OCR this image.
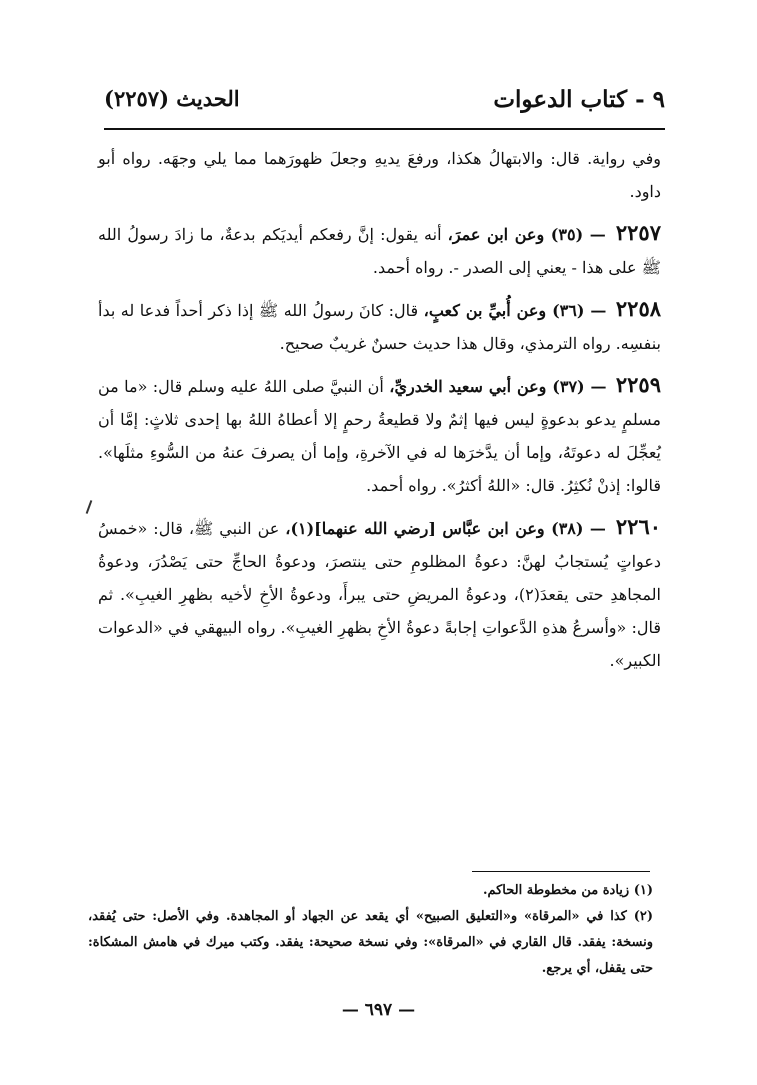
٩ - كتاب الدعوات
الحديث (٢٢٥٧)

وفي رواية. قال: والابتهالُ هكذا، ورفعَ يديهِ وجعلَ ظهورَهما مما يلي وجهَه. رواه أبو داود.

٢٢٥٧ — (٣٥) وعن ابن عمرَ، أنه يقول: إنَّ رفعكم أيديَكم بدعةٌ، ما زادَ رسولُ الله ﷺ على هذا - يعني إلى الصدر -. رواه أحمد.

٢٢٥٨ — (٣٦) وعن أُبيِّ بن كعبٍ، قال: كانَ رسولُ الله ﷺ إذا ذكر أحداً فدعا له بدأ بنفسِه. رواه الترمذي، وقال هذا حديث حسنٌ غريبٌ صحيح.

٢٢٥٩ — (٣٧) وعن أبي سعيد الخدريِّ، أن النبيَّ صلى اللهُ عليه وسلم قال: «ما من مسلمٍ يدعو بدعوةٍ ليس فيها إثمٌ ولا قطيعةُ رحمٍ إلا أعطاهُ اللهُ بها إحدى ثلاثٍ: إمَّا أن يُعجِّلَ له دعوتَهُ، وإما أن يدَّخرَها له في الآخرةِ، وإما أن يصرفَ عنهُ من السُّوءِ مثلَها». قالوا: إذنْ نُكثِرُ. قال: «اللهُ أكثرُ». رواه أحمد.

٢٢٦٠ — (٣٨) وعن ابن عبَّاس [رضي الله عنهما](١)، عن النبي ﷺ، قال: «خمسُ دعواتٍ يُستجابُ لهنَّ: دعوةُ المظلومِ حتى ينتصرَ، ودعوةُ الحاجِّ حتى يَصْدُرَ، ودعوةُ المجاهدِ حتى يقعدَ(٢)، ودعوةُ المريضِ حتى يبرأَ، ودعوةُ الأخِ لأخيه بظهرِ الغيبِ». ثم قال: «وأسرعُ هذهِ الدَّعواتِ إجابةً دعوةُ الأخِ بظهرِ الغيبِ». رواه البيهقي في «الدعوات الكبير».

(١) زيادة من مخطوطة الحاكم.

(٢) كذا في «المرقاة» و«التعليق الصبيح» أي يقعد عن الجهاد أو المجاهدة. وفي الأصل: حتى يُفقد، ونسخة: يفقد. قال القاري في «المرقاة»: وفي نسخة صحيحة: يفقد. وكتب ميرك في هامش المشكاة: حتى يقفل، أي يرجع.

— ٦٩٧ —
